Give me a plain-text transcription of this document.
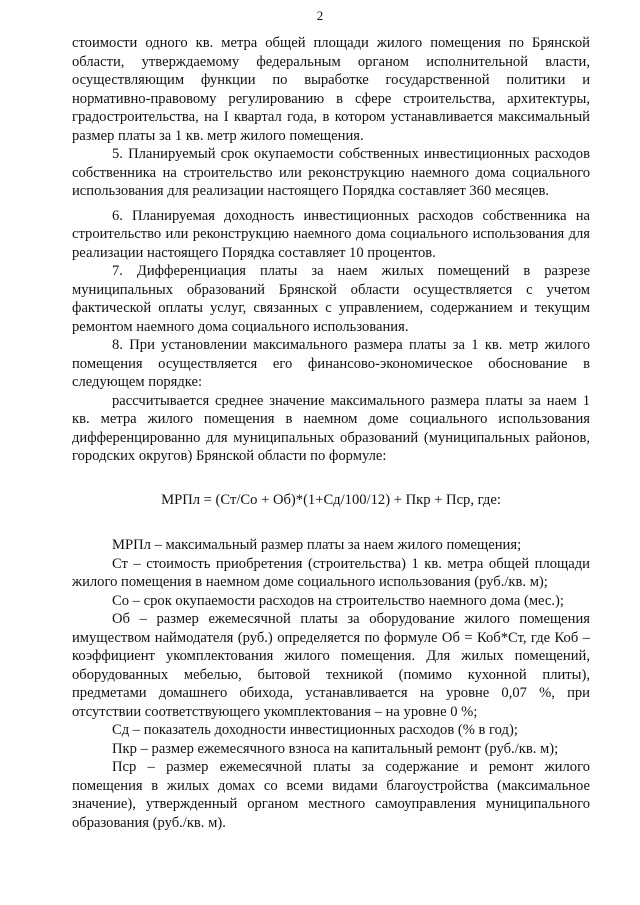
2

стоимости одного кв. метра общей площади жилого помещения по Брянской области, утверждаемому федеральным органом исполнительной власти, осуществляющим функции по выработке государственной политики и нормативно-правовому регулированию в сфере строительства, архитектуры, градостроительства, на I квартал года, в котором устанавливается максимальный размер платы за 1 кв. метр жилого помещения.

5. Планируемый срок окупаемости собственных инвестиционных расходов собственника на строительство или реконструкцию наемного дома социального использования для реализации настоящего Порядка составляет 360 месяцев.

6. Планируемая доходность инвестиционных расходов собственника на строительство или реконструкцию наемного дома социального использования для реализации настоящего Порядка составляет 10 процентов.

7. Дифференциация платы за наем жилых помещений в разрезе муниципальных образований Брянской области осуществляется с учетом фактической оплаты услуг, связанных с управлением, содержанием и текущим ремонтом наемного дома социального использования.

8. При установлении максимального размера платы за 1 кв. метр жилого помещения осуществляется его финансово-экономическое обоснование в следующем порядке:

рассчитывается среднее значение максимального размера платы за наем 1 кв. метра жилого помещения в наемном доме социального использования дифференцированно для муниципальных образований (муниципальных районов, городских округов) Брянской области по формуле:

МРПл = (Ст/Со + Об)*(1+Сд/100/12) + Пкр + Пср, где:

МРПл – максимальный размер платы за наем жилого помещения;

Ст – стоимость приобретения (строительства) 1 кв. метра общей площади жилого помещения в наемном доме социального использования (руб./кв. м);

Со – срок окупаемости расходов на строительство наемного дома (мес.);

Об – размер ежемесячной платы за оборудование жилого помещения имуществом наймодателя (руб.) определяется по формуле Об = Коб*Ст, где Коб – коэффициент укомплектования жилого помещения. Для жилых помещений, оборудованных мебелью, бытовой техникой (помимо кухонной плиты), предметами домашнего обихода, устанавливается на уровне 0,07 %, при отсутствии соответствующего укомплектования – на уровне 0 %;

Сд – показатель доходности инвестиционных расходов (% в год);

Пкр – размер ежемесячного взноса на капитальный ремонт (руб./кв. м);

Пср – размер ежемесячной платы за содержание и ремонт жилого помещения в жилых домах со всеми видами благоустройства (максимальное значение), утвержденный органом местного самоуправления муниципального образования (руб./кв. м).
